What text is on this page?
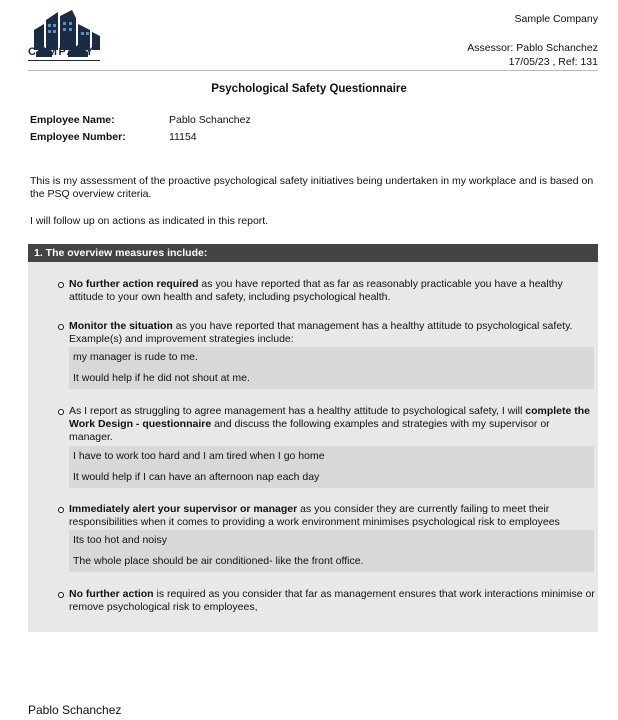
COMPANY
Sample Company
Assessor: Pablo Schanchez
17/05/23 , Ref: 131
Psychological Safety Questionnaire
Employee Name:	Pablo Schanchez
Employee Number:	11154
This is my assessment of the proactive psychological safety initiatives being undertaken in my workplace and is based on the PSQ overview criteria.
I will follow up on actions as indicated in this report.
1. The overview measures include:
No further action required as you have reported that as far as reasonably practicable you have a healthy attitude to your own health and safety, including psychological health.
Monitor the situation as you have reported that management has a healthy attitude to psychological safety. Example(s) and improvement strategies include:
my manager is rude to me.
It would help if he did not shout at me.
As I report as struggling to agree management has a healthy attitude to psychological safety, I will complete the Work Design - questionnaire and discuss the following examples and strategies with my supervisor or manager.
I have to work too hard and I am tired when I go home
It would help if I can have an afternoon nap each day
Immediately alert your supervisor or manager as you consider they are currently failing to meet their responsibilities when it comes to providing a work environment minimises psychological risk to employees
Its too hot and noisy
The whole place should be air conditioned- like the front office.
No further action is required as you consider that far as management ensures that work interactions minimise or remove psychological risk to employees,
Pablo Schanchez
